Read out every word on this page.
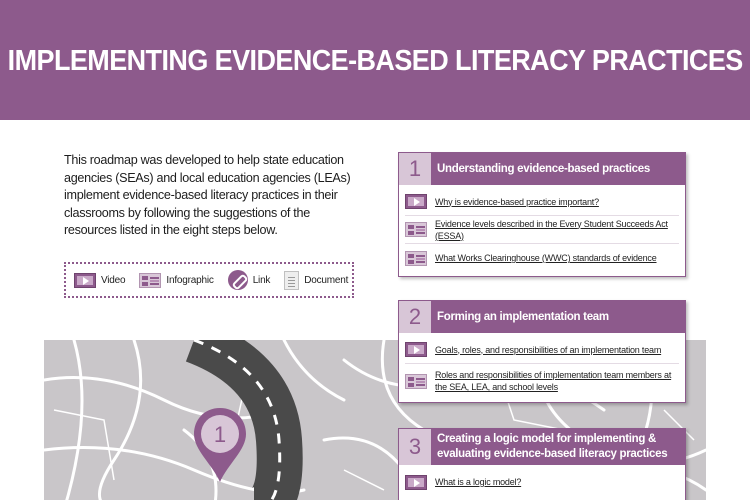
IMPLEMENTING EVIDENCE-BASED LITERACY PRACTICES

This roadmap was developed to help state education agencies (SEAs) and local education agencies (LEAs) implement evidence-based literacy practices in their classrooms by following the suggestions of the resources listed in the eight steps below.

Video	Infographic	Link	Document
1
1	Understanding evidence-based practices
Why is evidence-based practice important?
Evidence levels described in the Every Student Succeeds Act (ESSA)
What Works Clearinghouse (WWC) standards of evidence
2	Forming an implementation team
Goals, roles, and responsibilities of an implementation team
Roles and responsibilities of implementation team members at the SEA, LEA, and school levels
3	Creating a logic model for implementing & evaluating evidence-based literacy practices
What is a logic model?
